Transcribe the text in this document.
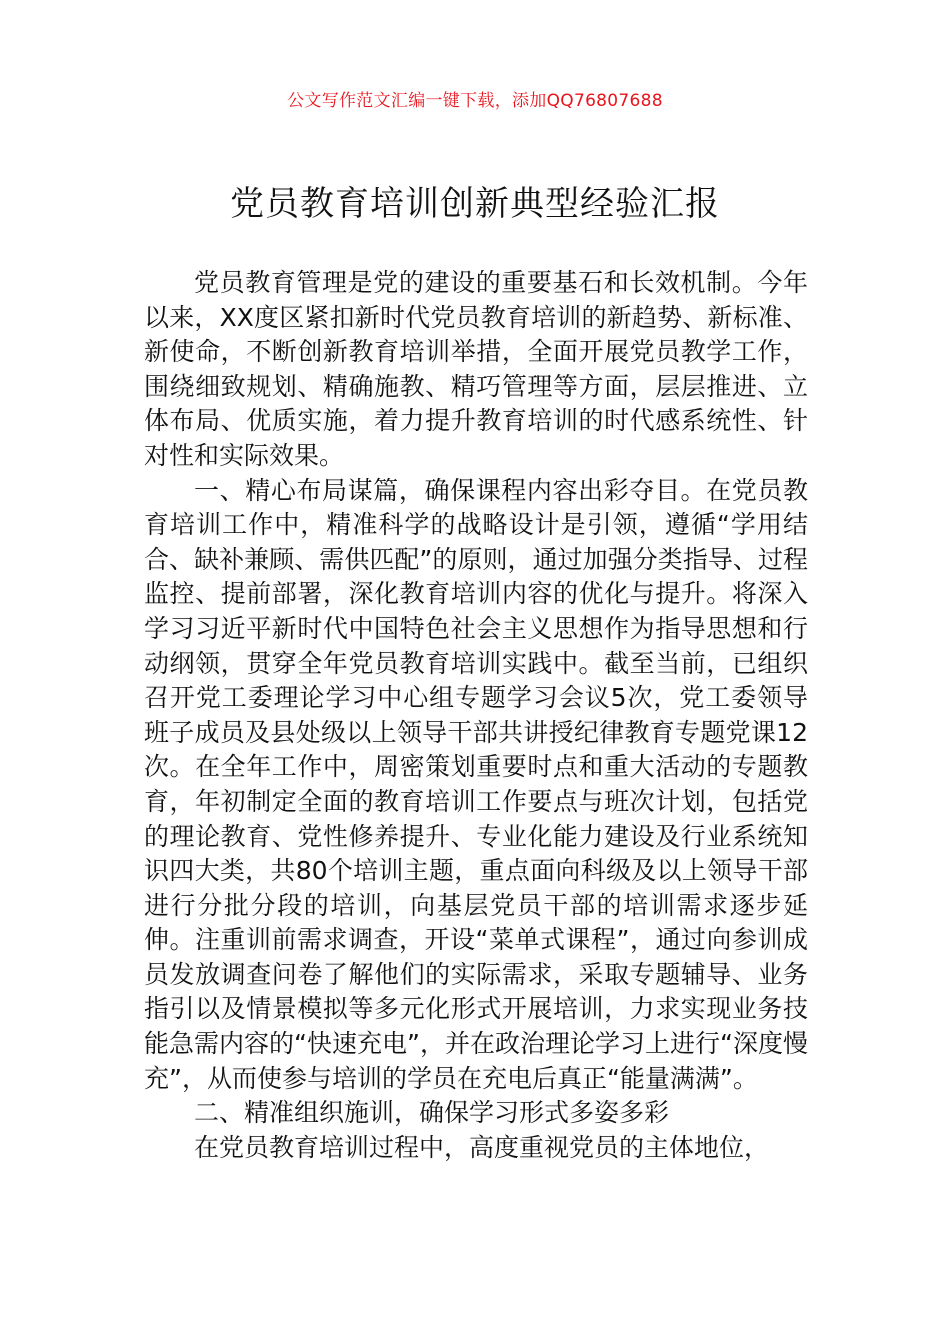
公文写作范文汇编一键下载，添加QQ76807688
党员教育培训创新典型经验汇报

党员教育管理是党的建设的重要基石和长效机制。今年以来，XX度区紧扣新时代党员教育培训的新趋势、新标准、新使命，不断创新教育培训举措，全面开展党员教学工作，围绕细致规划、精确施教、精巧管理等方面，层层推进、立体布局、优质实施，着力提升教育培训的时代感系统性、针对性和实际效果。

一、精心布局谋篇，确保课程内容出彩夺目。在党员教育培训工作中，精准科学的战略设计是引领，遵循“学用结合、缺补兼顾、需供匹配”的原则，通过加强分类指导、过程监控、提前部署，深化教育培训内容的优化与提升。将深入学习习近平新时代中国特色社会主义思想作为指导思想和行动纲领，贯穿全年党员教育培训实践中。截至当前，已组织召开党工委理论学习中心组专题学习会议5次，党工委领导班子成员及县处级以上领导干部共讲授纪律教育专题党课12次。在全年工作中，周密策划重要时点和重大活动的专题教育，年初制定全面的教育培训工作要点与班次计划，包括党的理论教育、党性修养提升、专业化能力建设及行业系统知识四大类，共80个培训主题，重点面向科级及以上领导干部进行分批分段的培训，向基层党员干部的培训需求逐步延伸。注重训前需求调查，开设“菜单式课程”，通过向参训成员发放调查问卷了解他们的实际需求，采取专题辅导、业务指引以及情景模拟等多元化形式开展培训，力求实现业务技能急需内容的“快速充电”，并在政治理论学习上进行“深度慢充”，从而使参与培训的学员在充电后真正“能量满满”。

二、精准组织施训，确保学习形式多姿多彩

在党员教育培训过程中，高度重视党员的主体地位，
